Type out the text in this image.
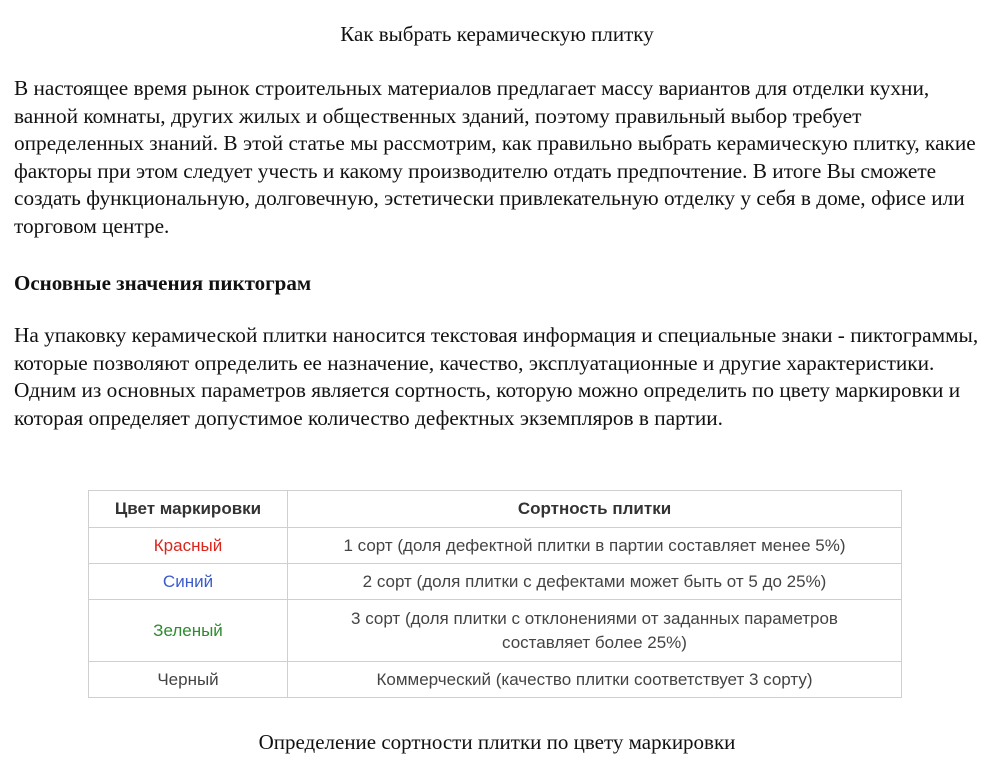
Как выбрать керамическую плитку

В настоящее время рынок строительных материалов предлагает массу вариантов для отделки кухни, ванной комнаты, других жилых и общественных зданий, поэтому правильный выбор требует определенных знаний. В этой статье мы рассмотрим, как правильно выбрать керамическую плитку, какие факторы при этом следует учесть и какому производителю отдать предпочтение. В итоге Вы сможете создать функциональную, долговечную, эстетически привлекательную отделку у себя в доме, офисе или торговом центре.

Основные значения пиктограм

На упаковку керамической плитки наносится текстовая информация и специальные знаки - пиктограммы, которые позволяют определить ее назначение, качество, эксплуатационные и другие характеристики. Одним из основных параметров является сортность, которую можно определить по цвету маркировки и которая определяет допустимое количество дефектных экземпляров в партии.

Цвет маркировки	Сортность плитки
Красный	1 сорт (доля дефектной плитки в партии составляет менее 5%)
Синий	2 сорт (доля плитки с дефектами может быть от 5 до 25%)
Зеленый	3 сорт (доля плитки с отклонениями от заданных параметров составляет более 25%)
Черный	Коммерческий (качество плитки соответствует 3 сорту)
Определение сортности плитки по цвету маркировки
